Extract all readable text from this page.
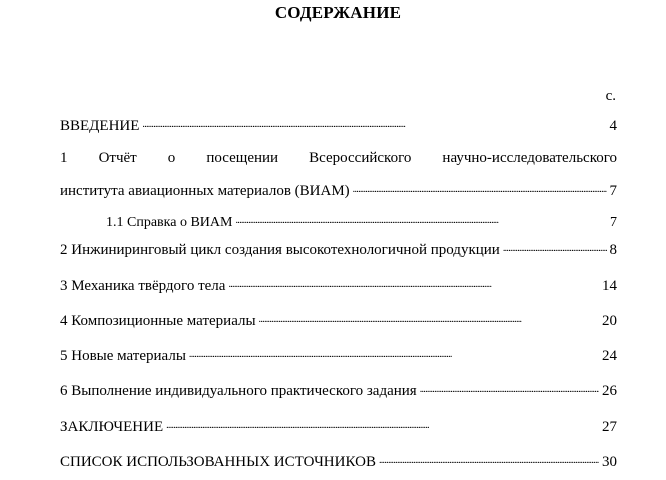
СОДЕРЖАНИЕ
с.
ВВЕДЕНИЕ . . .	4
1 Отчёт о посещении Всероссийского научно-исследовательского
института авиационных материалов (ВИАМ) . . .	7
1.1 Справка о ВИАМ . . .	7
2 Инжиниринговый цикл создания высокотехнологичной продукции . . .	8
3 Механика твёрдого тела . . .	14
4 Композиционные материалы . . .	20
5 Новые материалы . . .	24
6 Выполнение индивидуального практического задания . . .	26
ЗАКЛЮЧЕНИЕ . . .	27
СПИСОК ИСПОЛЬЗОВАННЫХ ИСТОЧНИКОВ . . .	30
